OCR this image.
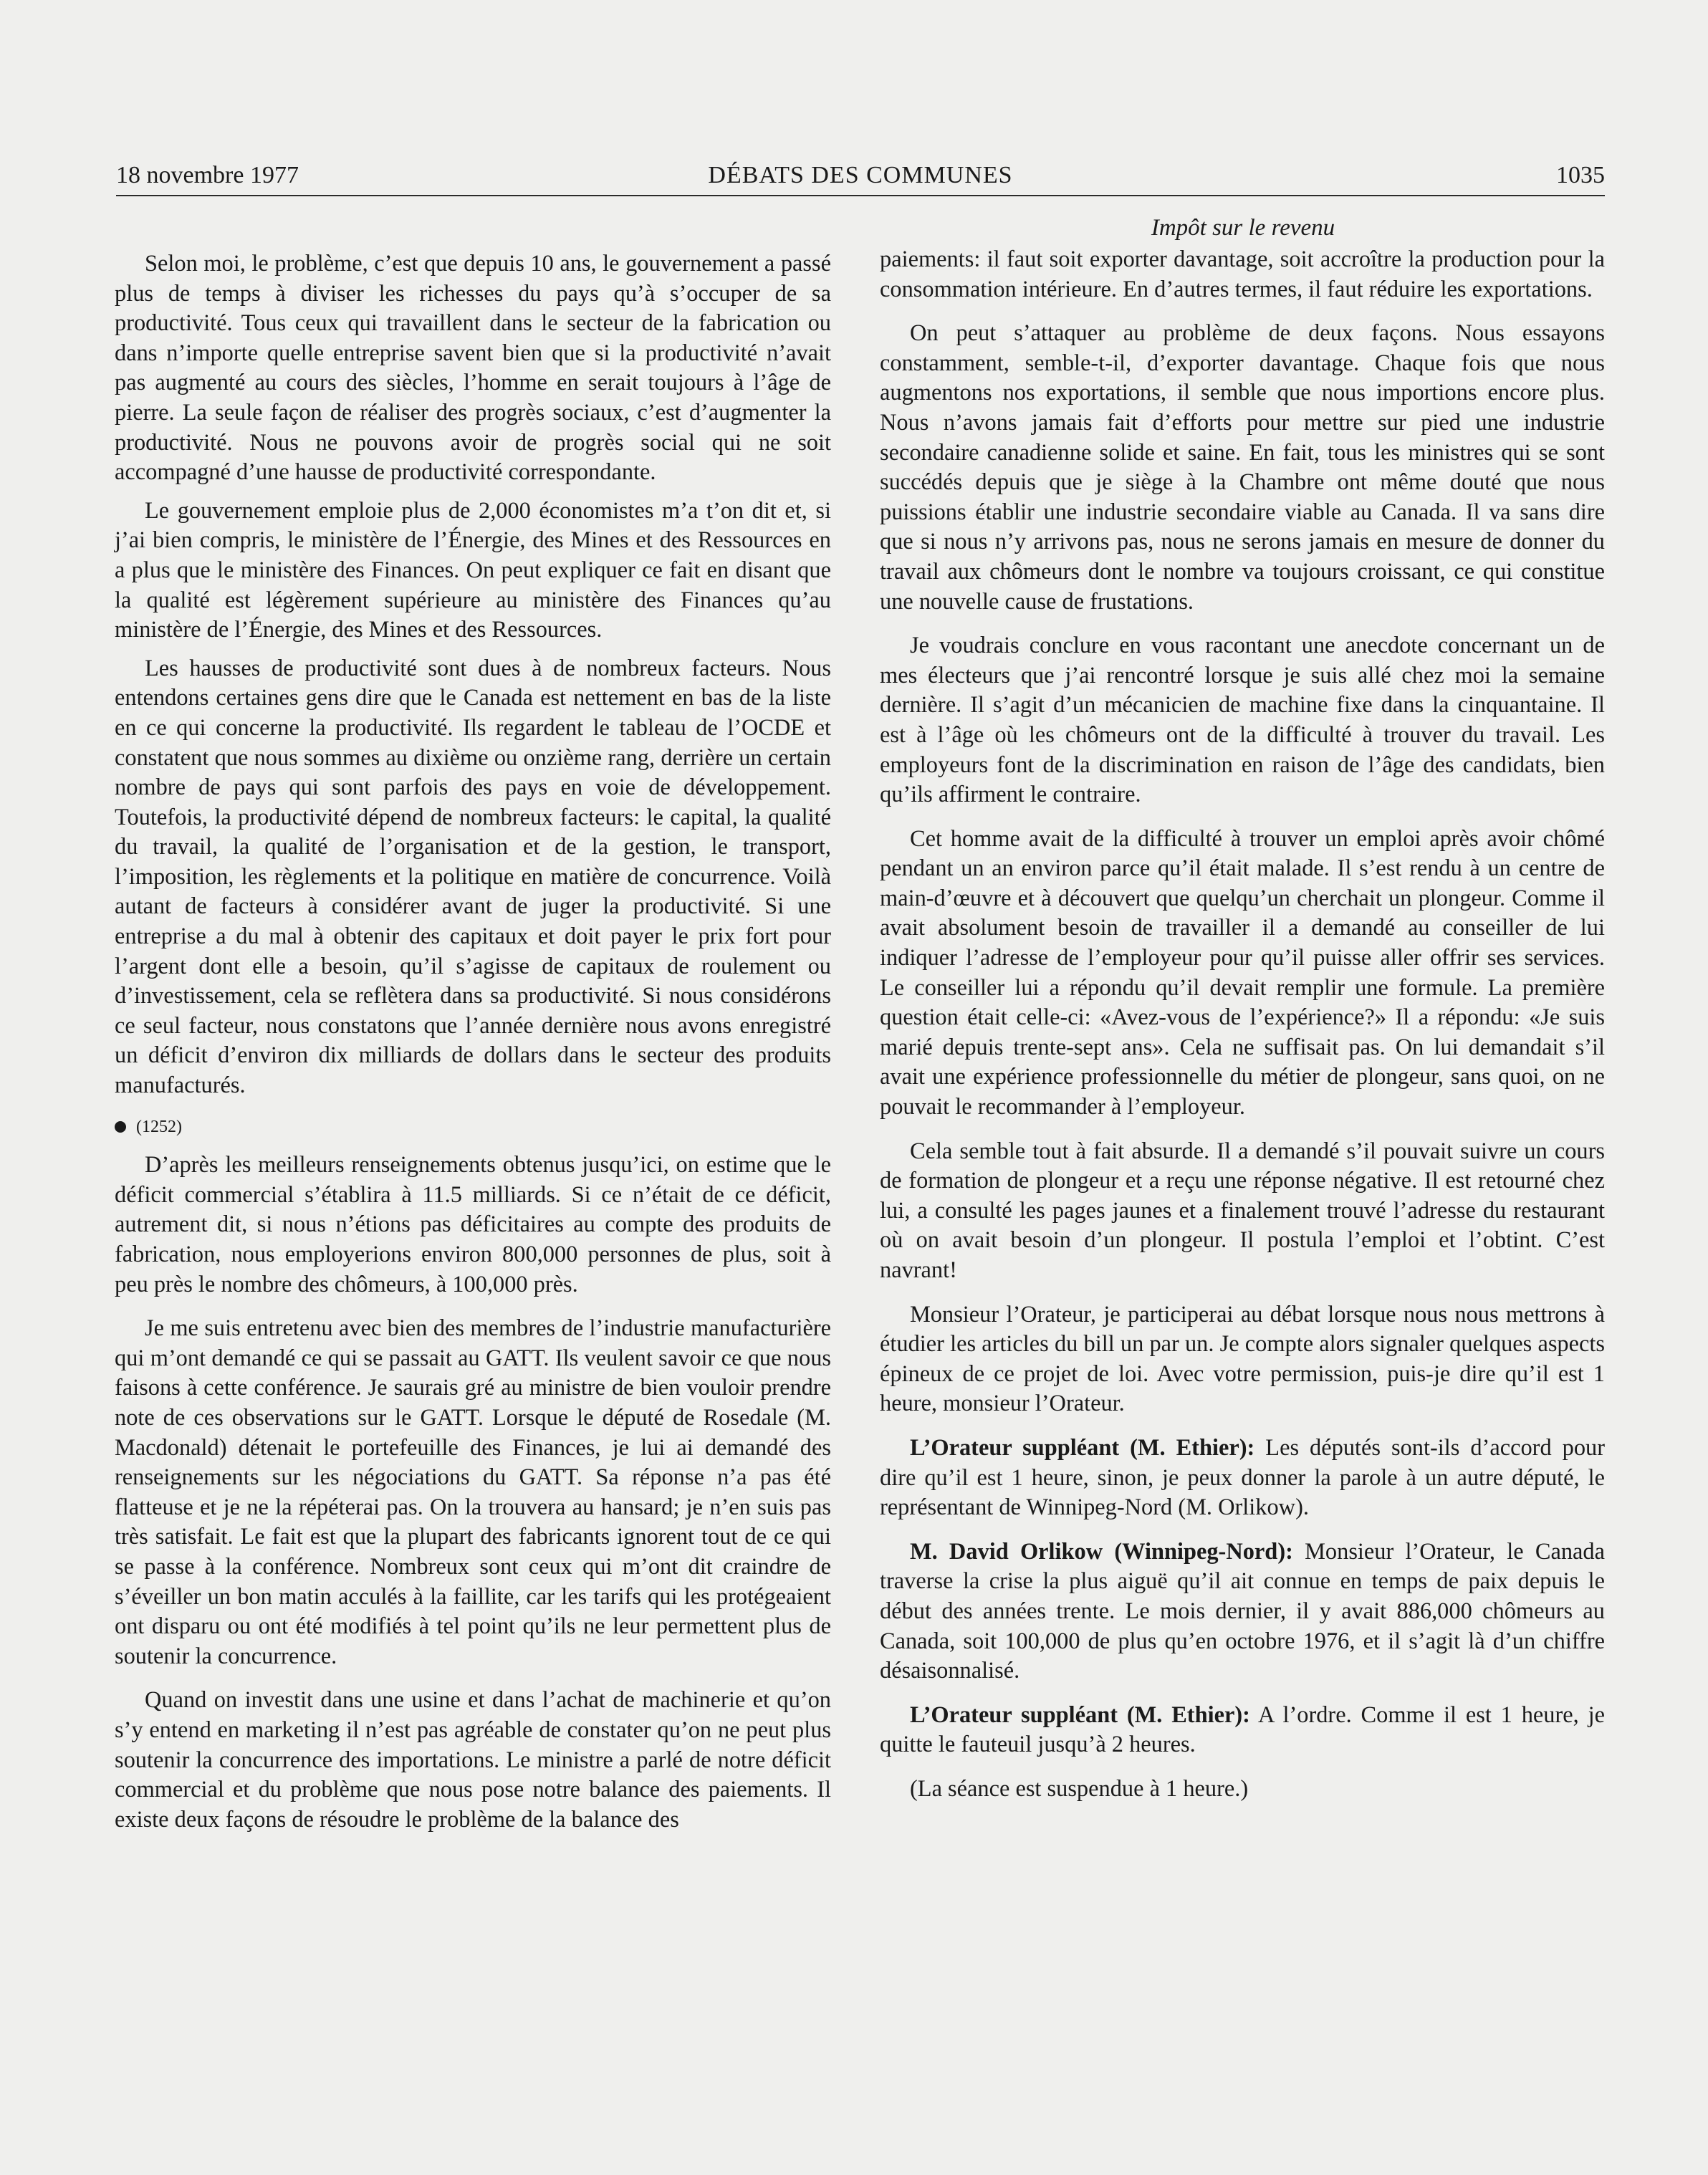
18 novembre 1977	DÉBATS DES COMMUNES	1035
Impôt sur le revenu

Selon moi, le problème, c’est que depuis 10 ans, le gouvernement a passé plus de temps à diviser les richesses du pays qu’à s’occuper de sa productivité. Tous ceux qui travaillent dans le secteur de la fabrication ou dans n’importe quelle entreprise savent bien que si la productivité n’avait pas augmenté au cours des siècles, l’homme en serait toujours à l’âge de pierre. La seule façon de réaliser des progrès sociaux, c’est d’augmenter la productivité. Nous ne pouvons avoir de progrès social qui ne soit accompagné d’une hausse de productivité correspondante.

Le gouvernement emploie plus de 2,000 économistes m’a t’on dit et, si j’ai bien compris, le ministère de l’Énergie, des Mines et des Ressources en a plus que le ministère des Finances. On peut expliquer ce fait en disant que la qualité est légèrement supérieure au ministère des Finances qu’au ministère de l’Énergie, des Mines et des Ressources.

Les hausses de productivité sont dues à de nombreux facteurs. Nous entendons certaines gens dire que le Canada est nettement en bas de la liste en ce qui concerne la productivité. Ils regardent le tableau de l’OCDE et constatent que nous sommes au dixième ou onzième rang, derrière un certain nombre de pays qui sont parfois des pays en voie de développement. Toutefois, la productivité dépend de nombreux facteurs: le capital, la qualité du travail, la qualité de l’organisation et de la gestion, le transport, l’imposition, les règlements et la politique en matière de concurrence. Voilà autant de facteurs à considérer avant de juger la productivité. Si une entreprise a du mal à obtenir des capitaux et doit payer le prix fort pour l’argent dont elle a besoin, qu’il s’agisse de capitaux de roulement ou d’investissement, cela se reflètera dans sa productivité. Si nous considérons ce seul facteur, nous constatons que l’année dernière nous avons enregistré un déficit d’environ dix milliards de dollars dans le secteur des produits manufacturés.

(1252)

D’après les meilleurs renseignements obtenus jusqu’ici, on estime que le déficit commercial s’établira à 11.5 milliards. Si ce n’était de ce déficit, autrement dit, si nous n’étions pas déficitaires au compte des produits de fabrication, nous employerions environ 800,000 personnes de plus, soit à peu près le nombre des chômeurs, à 100,000 près.

Je me suis entretenu avec bien des membres de l’industrie manufacturière qui m’ont demandé ce qui se passait au GATT. Ils veulent savoir ce que nous faisons à cette conférence. Je saurais gré au ministre de bien vouloir prendre note de ces observations sur le GATT. Lorsque le député de Rosedale (M. Macdonald) détenait le portefeuille des Finances, je lui ai demandé des renseignements sur les négociations du GATT. Sa réponse n’a pas été flatteuse et je ne la répéterai pas. On la trouvera au hansard; je n’en suis pas très satisfait. Le fait est que la plupart des fabricants ignorent tout de ce qui se passe à la conférence. Nombreux sont ceux qui m’ont dit craindre de s’éveiller un bon matin acculés à la faillite, car les tarifs qui les protégeaient ont disparu ou ont été modifiés à tel point qu’ils ne leur permettent plus de soutenir la concurrence.

Quand on investit dans une usine et dans l’achat de machinerie et qu’on s’y entend en marketing il n’est pas agréable de constater qu’on ne peut plus soutenir la concurrence des importations. Le ministre a parlé de notre déficit commercial et du problème que nous pose notre balance des paiements. Il existe deux façons de résoudre le problème de la balance des

paiements: il faut soit exporter davantage, soit accroître la production pour la consommation intérieure. En d’autres termes, il faut réduire les exportations.

On peut s’attaquer au problème de deux façons. Nous essayons constamment, semble-t-il, d’exporter davantage. Chaque fois que nous augmentons nos exportations, il semble que nous importions encore plus. Nous n’avons jamais fait d’efforts pour mettre sur pied une industrie secondaire canadienne solide et saine. En fait, tous les ministres qui se sont succédés depuis que je siège à la Chambre ont même douté que nous puissions établir une industrie secondaire viable au Canada. Il va sans dire que si nous n’y arrivons pas, nous ne serons jamais en mesure de donner du travail aux chômeurs dont le nombre va toujours croissant, ce qui constitue une nouvelle cause de frustations.

Je voudrais conclure en vous racontant une anecdote concernant un de mes électeurs que j’ai rencontré lorsque je suis allé chez moi la semaine dernière. Il s’agit d’un mécanicien de machine fixe dans la cinquantaine. Il est à l’âge où les chômeurs ont de la difficulté à trouver du travail. Les employeurs font de la discrimination en raison de l’âge des candidats, bien qu’ils affirment le contraire.

Cet homme avait de la difficulté à trouver un emploi après avoir chômé pendant un an environ parce qu’il était malade. Il s’est rendu à un centre de main-d’œuvre et à découvert que quelqu’un cherchait un plongeur. Comme il avait absolument besoin de travailler il a demandé au conseiller de lui indiquer l’adresse de l’employeur pour qu’il puisse aller offrir ses services. Le conseiller lui a répondu qu’il devait remplir une formule. La première question était celle-ci: «Avez-vous de l’expérience?» Il a répondu: «Je suis marié depuis trente-sept ans». Cela ne suffisait pas. On lui demandait s’il avait une expérience professionnelle du métier de plongeur, sans quoi, on ne pouvait le recommander à l’employeur.

Cela semble tout à fait absurde. Il a demandé s’il pouvait suivre un cours de formation de plongeur et a reçu une réponse négative. Il est retourné chez lui, a consulté les pages jaunes et a finalement trouvé l’adresse du restaurant où on avait besoin d’un plongeur. Il postula l’emploi et l’obtint. C’est navrant!

Monsieur l’Orateur, je participerai au débat lorsque nous nous mettrons à étudier les articles du bill un par un. Je compte alors signaler quelques aspects épineux de ce projet de loi. Avec votre permission, puis-je dire qu’il est 1 heure, monsieur l’Orateur.

L’Orateur suppléant (M. Ethier): Les députés sont-ils d’accord pour dire qu’il est 1 heure, sinon, je peux donner la parole à un autre député, le représentant de Winnipeg-Nord (M. Orlikow).

M. David Orlikow (Winnipeg-Nord): Monsieur l’Orateur, le Canada traverse la crise la plus aiguë qu’il ait connue en temps de paix depuis le début des années trente. Le mois dernier, il y avait 886,000 chômeurs au Canada, soit 100,000 de plus qu’en octobre 1976, et il s’agit là d’un chiffre désaisonnalisé.

L’Orateur suppléant (M. Ethier): A l’ordre. Comme il est 1 heure, je quitte le fauteuil jusqu’à 2 heures.

(La séance est suspendue à 1 heure.)
